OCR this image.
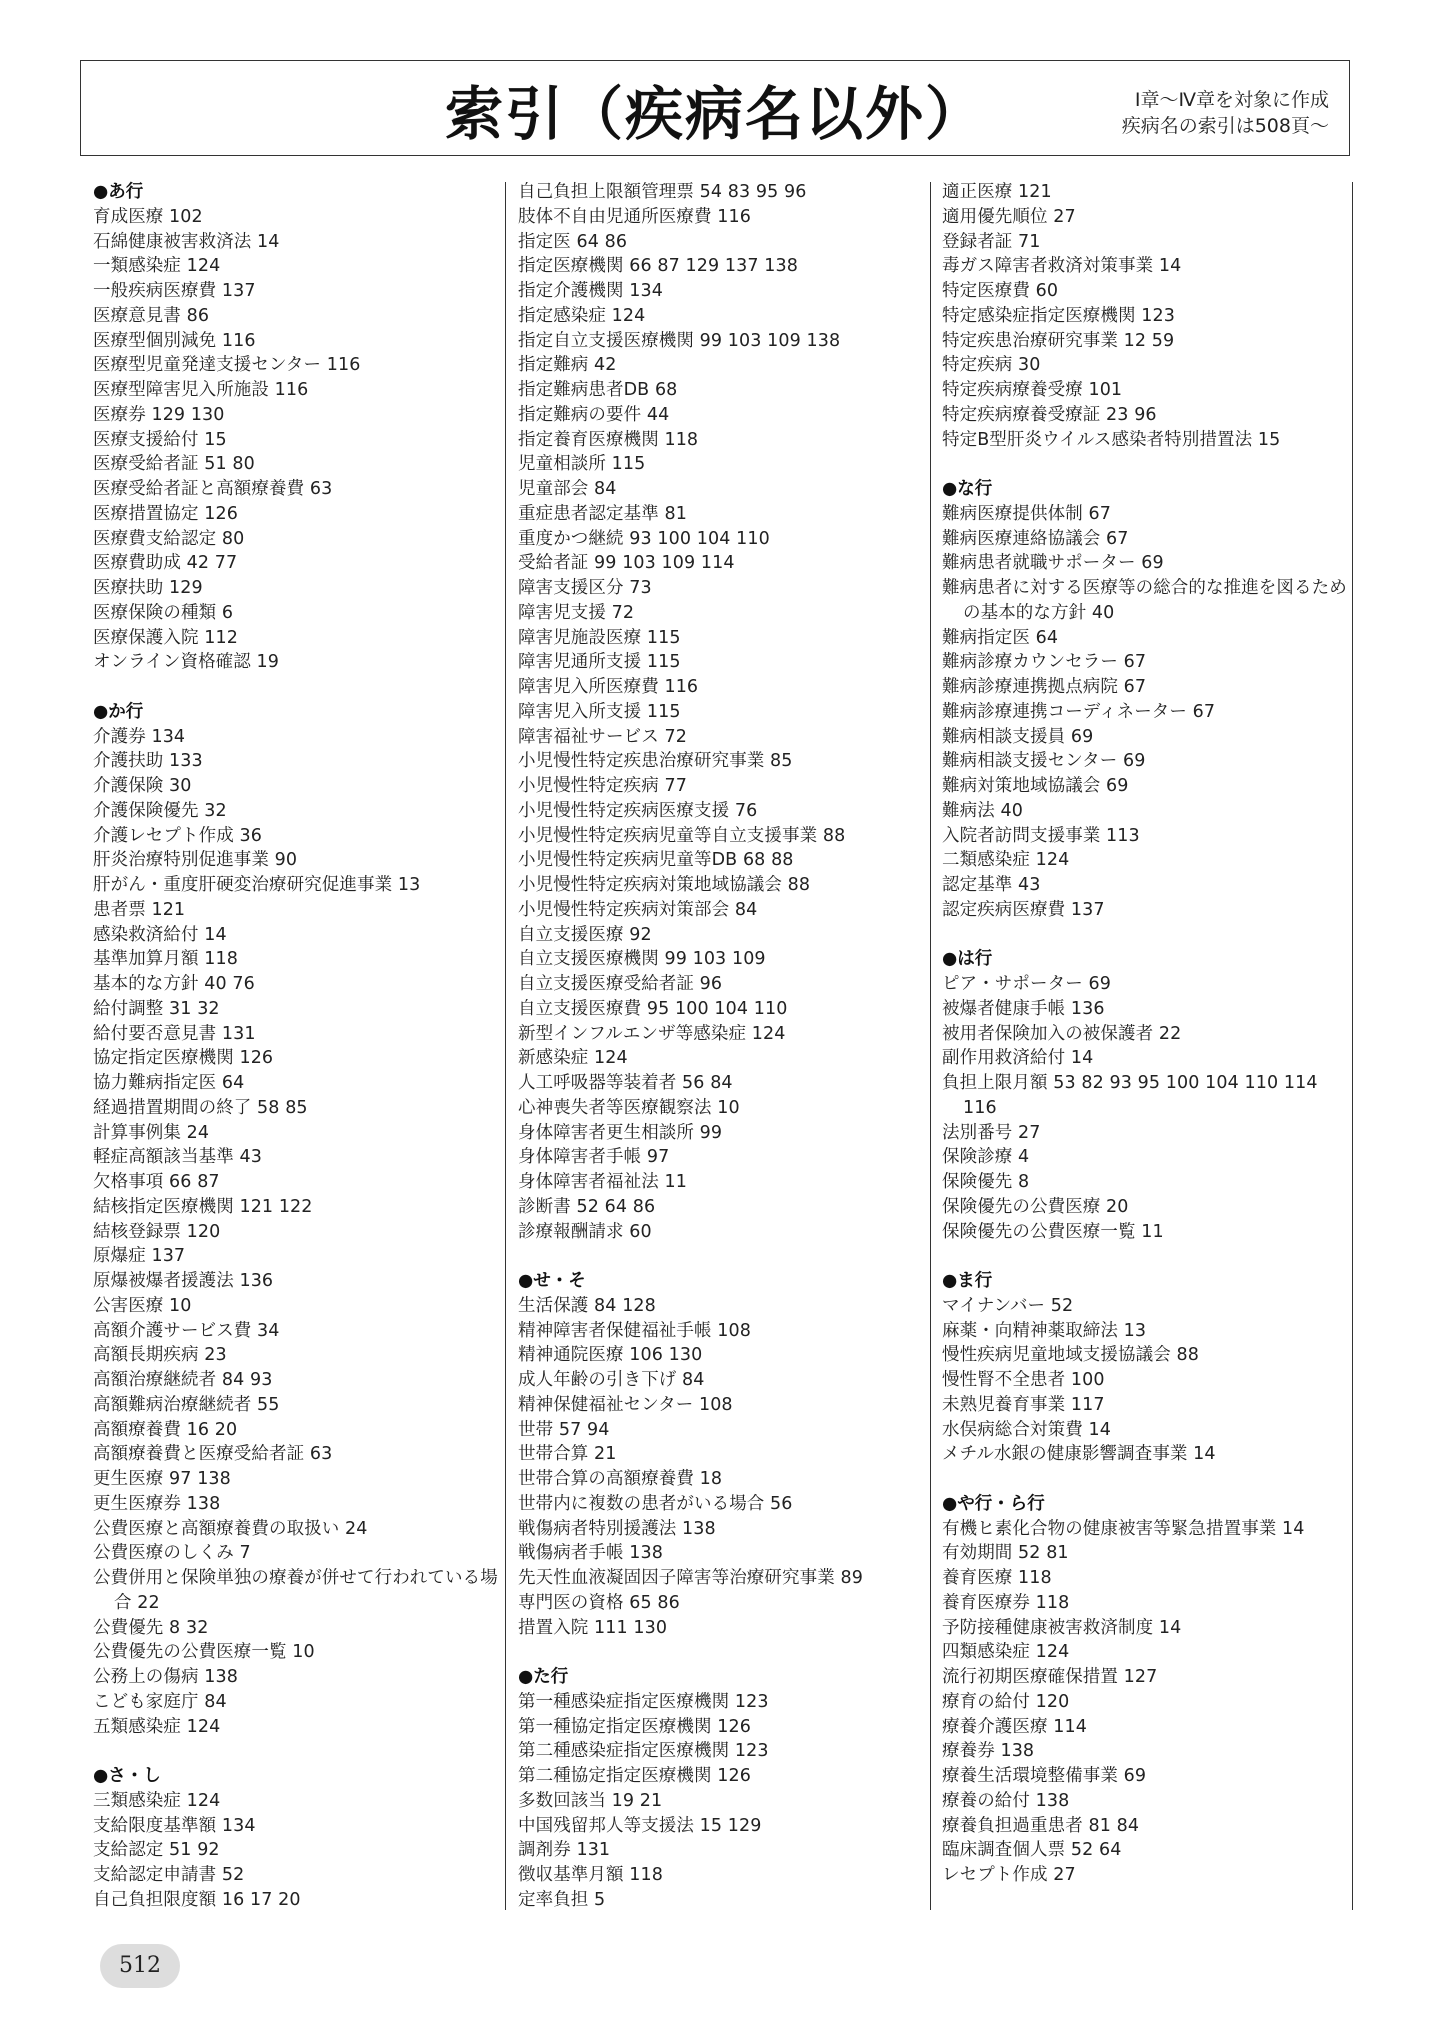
索引（疾病名以外）	Ⅰ章～Ⅳ章を対象に作成
疾病名の索引は508頁～
●あ行
育成医療 102
石綿健康被害救済法 14
一類感染症 124
一般疾病医療費 137
医療意見書 86
医療型個別減免 116
医療型児童発達支援センター 116
医療型障害児入所施設 116
医療券 129 130
医療支援給付 15
医療受給者証 51 80
医療受給者証と高額療養費 63
医療措置協定 126
医療費支給認定 80
医療費助成 42 77
医療扶助 129
医療保険の種類 6
医療保護入院 112
オンライン資格確認 19
●か行
介護券 134
介護扶助 133
介護保険 30
介護保険優先 32
介護レセプト作成 36
肝炎治療特別促進事業 90
肝がん・重度肝硬変治療研究促進事業 13
患者票 121
感染救済給付 14
基準加算月額 118
基本的な方針 40 76
給付調整 31 32
給付要否意見書 131
協定指定医療機関 126
協力難病指定医 64
経過措置期間の終了 58 85
計算事例集 24
軽症高額該当基準 43
欠格事項 66 87
結核指定医療機関 121 122
結核登録票 120
原爆症 137
原爆被爆者援護法 136
公害医療 10
高額介護サービス費 34
高額長期疾病 23
高額治療継続者 84 93
高額難病治療継続者 55
高額療養費 16 20
高額療養費と医療受給者証 63
更生医療 97 138
更生医療券 138
公費医療と高額療養費の取扱い 24
公費医療のしくみ 7
公費併用と保険単独の療養が併せて行われている場合 22
公費優先 8 32
公費優先の公費医療一覧 10
公務上の傷病 138
こども家庭庁 84
五類感染症 124
●さ・し
三類感染症 124
支給限度基準額 134
支給認定 51 92
支給認定申請書 52
自己負担限度額 16 17 20
自己負担上限額管理票 54 83 95 96
肢体不自由児通所医療費 116
指定医 64 86
指定医療機関 66 87 129 137 138
指定介護機関 134
指定感染症 124
指定自立支援医療機関 99 103 109 138
指定難病 42
指定難病患者DB 68
指定難病の要件 44
指定養育医療機関 118
児童相談所 115
児童部会 84
重症患者認定基準 81
重度かつ継続 93 100 104 110
受給者証 99 103 109 114
障害支援区分 73
障害児支援 72
障害児施設医療 115
障害児通所支援 115
障害児入所医療費 116
障害児入所支援 115
障害福祉サービス 72
小児慢性特定疾患治療研究事業 85
小児慢性特定疾病 77
小児慢性特定疾病医療支援 76
小児慢性特定疾病児童等自立支援事業 88
小児慢性特定疾病児童等DB 68 88
小児慢性特定疾病対策地域協議会 88
小児慢性特定疾病対策部会 84
自立支援医療 92
自立支援医療機関 99 103 109
自立支援医療受給者証 96
自立支援医療費 95 100 104 110
新型インフルエンザ等感染症 124
新感染症 124
人工呼吸器等装着者 56 84
心神喪失者等医療観察法 10
身体障害者更生相談所 99
身体障害者手帳 97
身体障害者福祉法 11
診断書 52 64 86
診療報酬請求 60
●せ・そ
生活保護 84 128
精神障害者保健福祉手帳 108
精神通院医療 106 130
成人年齢の引き下げ 84
精神保健福祉センター 108
世帯 57 94
世帯合算 21
世帯合算の高額療養費 18
世帯内に複数の患者がいる場合 56
戦傷病者特別援護法 138
戦傷病者手帳 138
先天性血液凝固因子障害等治療研究事業 89
専門医の資格 65 86
措置入院 111 130
●た行
第一種感染症指定医療機関 123
第一種協定指定医療機関 126
第二種感染症指定医療機関 123
第二種協定指定医療機関 126
多数回該当 19 21
中国残留邦人等支援法 15 129
調剤券 131
徴収基準月額 118
定率負担 5
適正医療 121
適用優先順位 27
登録者証 71
毒ガス障害者救済対策事業 14
特定医療費 60
特定感染症指定医療機関 123
特定疾患治療研究事業 12 59
特定疾病 30
特定疾病療養受療 101
特定疾病療養受療証 23 96
特定B型肝炎ウイルス感染者特別措置法 15
●な行
難病医療提供体制 67
難病医療連絡協議会 67
難病患者就職サポーター 69
難病患者に対する医療等の総合的な推進を図るための基本的な方針 40
難病指定医 64
難病診療カウンセラー 67
難病診療連携拠点病院 67
難病診療連携コーディネーター 67
難病相談支援員 69
難病相談支援センター 69
難病対策地域協議会 69
難病法 40
入院者訪問支援事業 113
二類感染症 124
認定基準 43
認定疾病医療費 137
●は行
ピア・サポーター 69
被爆者健康手帳 136
被用者保険加入の被保護者 22
副作用救済給付 14
負担上限月額 53 82 93 95 100 104 110 114 116
法別番号 27
保険診療 4
保険優先 8
保険優先の公費医療 20
保険優先の公費医療一覧 11
●ま行
マイナンバー 52
麻薬・向精神薬取締法 13
慢性疾病児童地域支援協議会 88
慢性腎不全患者 100
未熟児養育事業 117
水俣病総合対策費 14
メチル水銀の健康影響調査事業 14
●や行・ら行
有機ヒ素化合物の健康被害等緊急措置事業 14
有効期間 52 81
養育医療 118
養育医療券 118
予防接種健康被害救済制度 14
四類感染症 124
流行初期医療確保措置 127
療育の給付 120
療養介護医療 114
療養券 138
療養生活環境整備事業 69
療養の給付 138
療養負担過重患者 81 84
臨床調査個人票 52 64
レセプト作成 27
512
